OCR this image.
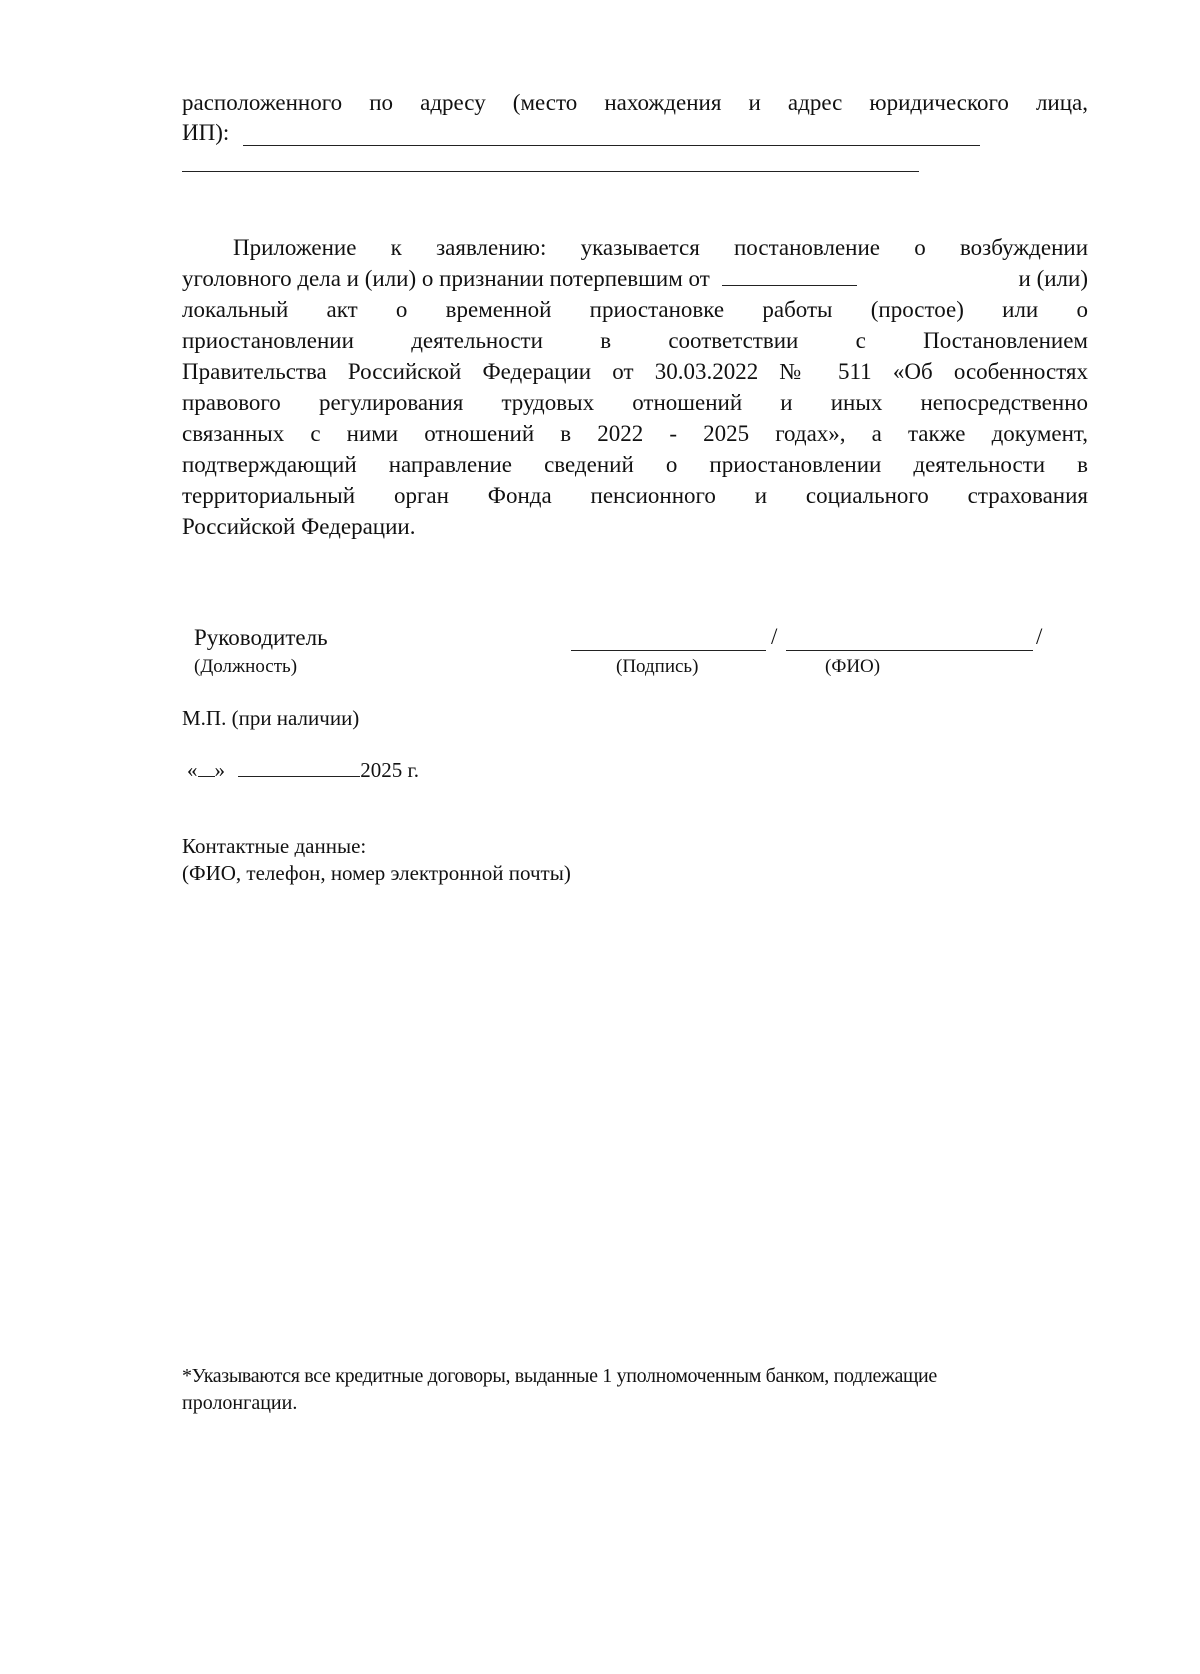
расположенного по адресу (место нахождения и адрес юридического лица,
ИП):
Приложение к заявлению: указывается постановление о возбуждении
уголовного дела и (или) о признании потерпевшим от	и (или)
локальный акт о временной приостановке работы (простое) или о
приостановлении деятельности в соответствии с Постановлением
Правительства Российской Федерации от 30.03.2022 № 511 «Об особенностях
правового регулирования трудовых отношений и иных непосредственно
связанных с ними отношений в 2022 - 2025 годах», а также документ,
подтверждающий направление сведений о приостановлении деятельности в
территориальный орган Фонда пенсионного и социального страхования
Российской Федерации.
Руководитель
(Должность)
/	/
(Подпись)	(ФИО)
М.П. (при наличии)
« »	2025 г.
Контактные данные:
(ФИО, телефон, номер электронной почты)
*Указываются все кредитные договоры, выданные 1 уполномоченным банком, подлежащие
пролонгации.
